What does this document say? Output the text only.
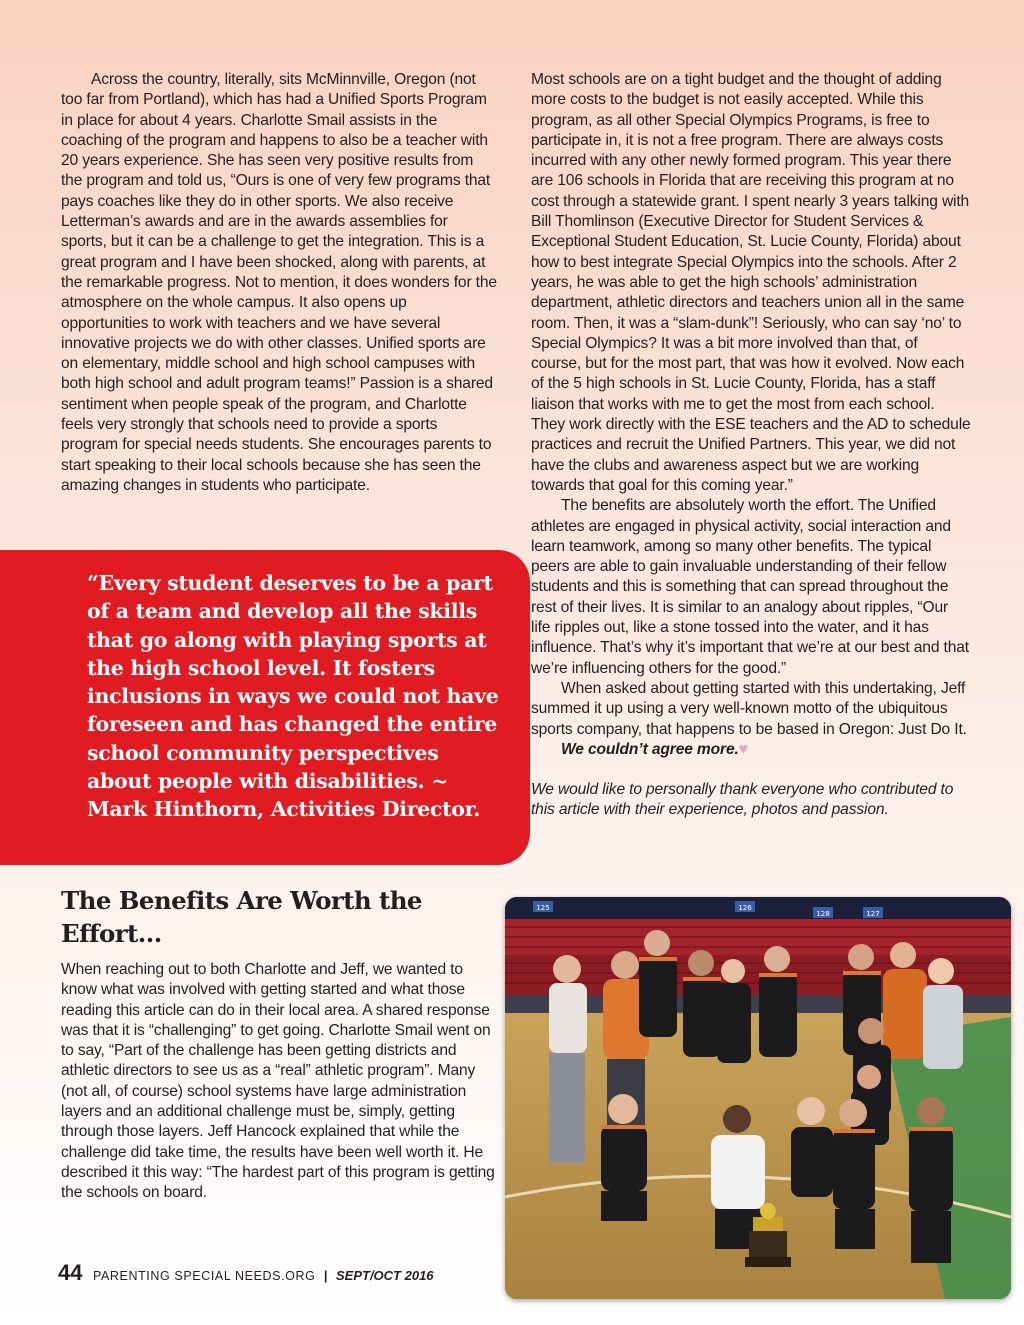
Across the country, literally, sits McMinnville, Oregon (not too far from Portland), which has had a Unified Sports Program in place for about 4 years. Charlotte Smail assists in the coaching of the program and happens to also be a teacher with 20 years experience. She has seen very positive results from the program and told us, “Ours is one of very few programs that pays coaches like they do in other sports. We also receive Letterman’s awards and are in the awards assemblies for sports, but it can be a challenge to get the integration. This is a great program and I have been shocked, along with parents, at the remarkable progress. Not to mention, it does wonders for the atmosphere on the whole campus. It also opens up opportunities to work with teachers and we have several innovative projects we do with other classes. Unified sports are on elementary, middle school and high school campuses with both high school and adult program teams!” Passion is a shared sentiment when people speak of the program, and Charlotte feels very strongly that schools need to provide a sports program for special needs students. She encourages parents to start speaking to their local schools because she has seen the amazing changes in students who participate.

“Every student deserves to be a part of a team and develop all the skills that go along with playing sports at the high school level. It fosters inclusions in ways we could not have foreseen and has changed the entire school community perspectives about people with disabilities. ~ Mark Hinthorn, Activities Director.
The Benefits Are Worth the Effort…

When reaching out to both Charlotte and Jeff, we wanted to know what was involved with getting started and what those reading this article can do in their local area. A shared response was that it is “challenging” to get going. Charlotte Smail went on to say, “Part of the challenge has been getting districts and athletic directors to see us as a “real” athletic program”. Many (not all, of course) school systems have large administration layers and an additional challenge must be, simply, getting through those layers. Jeff Hancock explained that while the challenge did take time, the results have been well worth it. He described it this way: “The hardest part of this program is getting the schools on board.

Most schools are on a tight budget and the thought of adding more costs to the budget is not easily accepted. While this program, as all other Special Olympics Programs, is free to participate in, it is not a free program. There are always costs incurred with any other newly formed program. This year there are 106 schools in Florida that are receiving this program at no cost through a statewide grant. I spent nearly 3 years talking with Bill Thomlinson (Executive Director for Student Services & Exceptional Student Education, St. Lucie County, Florida) about how to best integrate Special Olympics into the schools. After 2 years, he was able to get the high schools’ administration department, athletic directors and teachers union all in the same room. Then, it was a “slam-dunk”! Seriously, who can say ‘no’ to Special Olympics? It was a bit more involved than that, of course, but for the most part, that was how it evolved. Now each of the 5 high schools in St. Lucie County, Florida, has a staff liaison that works with me to get the most from each school. They work directly with the ESE teachers and the AD to schedule practices and recruit the Unified Partners. This year, we did not have the clubs and awareness aspect but we are working towards that goal for this coming year.”

The benefits are absolutely worth the effort. The Unified athletes are engaged in physical activity, social interaction and learn teamwork, among so many other benefits. The typical peers are able to gain invaluable understanding of their fellow students and this is something that can spread throughout the rest of their lives. It is similar to an analogy about ripples, “Our life ripples out, like a stone tossed into the water, and it has influence. That’s why it’s important that we’re at our best and that we’re influencing others for the good.”

When asked about getting started with this undertaking, Jeff summed it up using a very well-known motto of the ubiquitous sports company, that happens to be based in Oregon: Just Do It.

We couldn’t agree more.♥

We would like to personally thank everyone who contributed to this article with their experience, photos and passion.

125	126
128	127
44 PARENTING SPECIAL NEEDS.ORG | SEPT/OCT 2016
